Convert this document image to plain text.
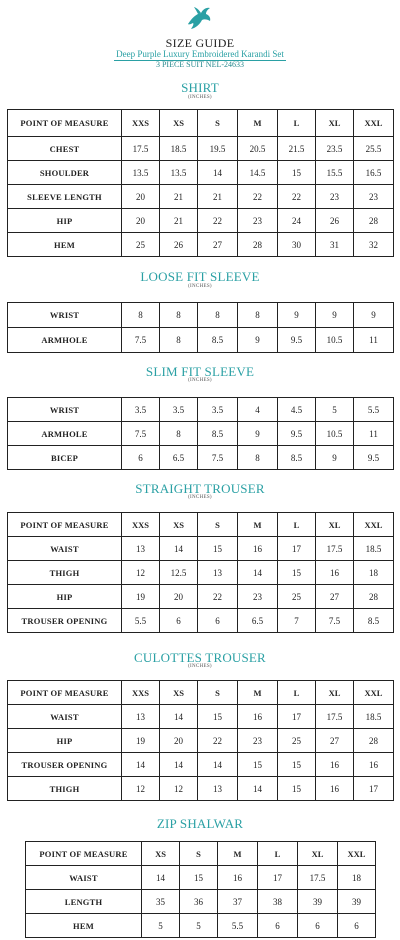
SIZE GUIDE
Deep Purple Luxury Embroidered Karandi Set
3 PIECE SUIT NEL-24633
SHIRT
(INCHES)
POINT OF MEASURE	XXS	XS	S	M	L	XL	XXL
CHEST	17.5	18.5	19.5	20.5	21.5	23.5	25.5
SHOULDER	13.5	13.5	14	14.5	15	15.5	16.5
SLEEVE LENGTH	20	21	21	22	22	23	23
HIP	20	21	22	23	24	26	28
HEM	25	26	27	28	30	31	32
LOOSE FIT SLEEVE
(INCHES)
WRIST	8	8	8	8	9	9	9
ARMHOLE	7.5	8	8.5	9	9.5	10.5	11
SLIM FIT SLEEVE
(INCHES)
WRIST	3.5	3.5	3.5	4	4.5	5	5.5
ARMHOLE	7.5	8	8.5	9	9.5	10.5	11
BICEP	6	6.5	7.5	8	8.5	9	9.5
STRAIGHT TROUSER
(INCHES)
POINT OF MEASURE	XXS	XS	S	M	L	XL	XXL
WAIST	13	14	15	16	17	17.5	18.5
THIGH	12	12.5	13	14	15	16	18
HIP	19	20	22	23	25	27	28
TROUSER OPENING	5.5	6	6	6.5	7	7.5	8.5
CULOTTES TROUSER
(INCHES)
POINT OF MEASURE	XXS	XS	S	M	L	XL	XXL
WAIST	13	14	15	16	17	17.5	18.5
HIP	19	20	22	23	25	27	28
TROUSER OPENING	14	14	14	15	15	16	16
THIGH	12	12	13	14	15	16	17
ZIP SHALWAR
POINT OF MEASURE	XS	S	M	L	XL	XXL
WAIST	14	15	16	17	17.5	18
LENGTH	35	36	37	38	39	39
HEM	5	5	5.5	6	6	6
